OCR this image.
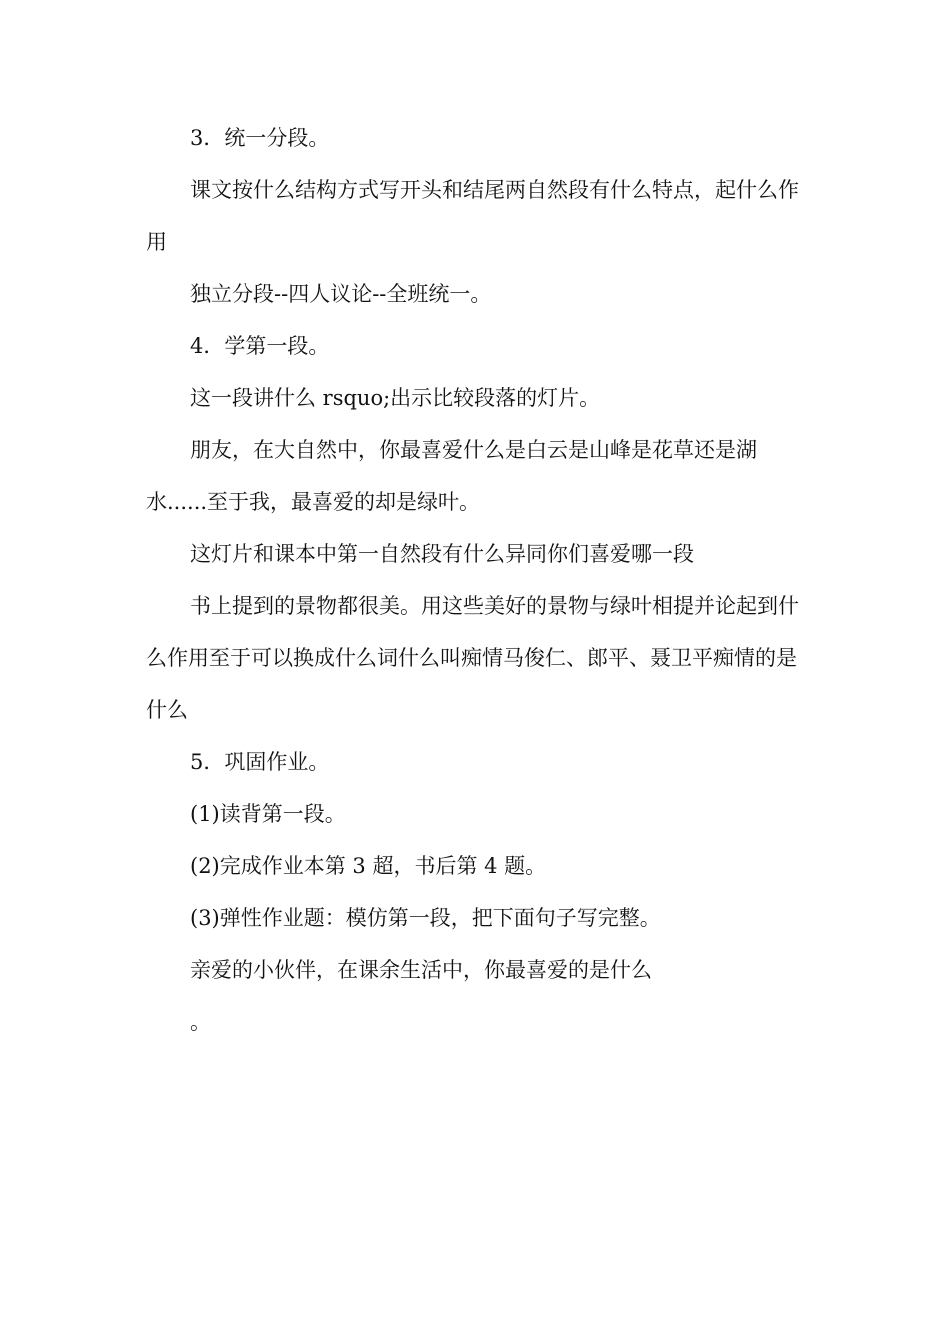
3．统一分段。

课文按什么结构方式写开头和结尾两自然段有什么特点，起什么作用

独立分段--四人议论--全班统一。

4．学第一段。

这一段讲什么 rsquo;出示比较段落的灯片。

朋友，在大自然中，你最喜爱什么是白云是山峰是花草还是湖水......至于我，最喜爱的却是绿叶。

这灯片和课本中第一自然段有什么异同你们喜爱哪一段

书上提到的景物都很美。用这些美好的景物与绿叶相提并论起到什么作用至于可以换成什么词什么叫痴情马俊仁、郎平、聂卫平痴情的是什么

5．巩固作业。

(1)读背第一段。

(2)完成作业本第 3 超，书后第 4 题。

(3)弹性作业题：模仿第一段，把下面句子写完整。

亲爱的小伙伴，在课余生活中，你最喜爱的是什么

。
